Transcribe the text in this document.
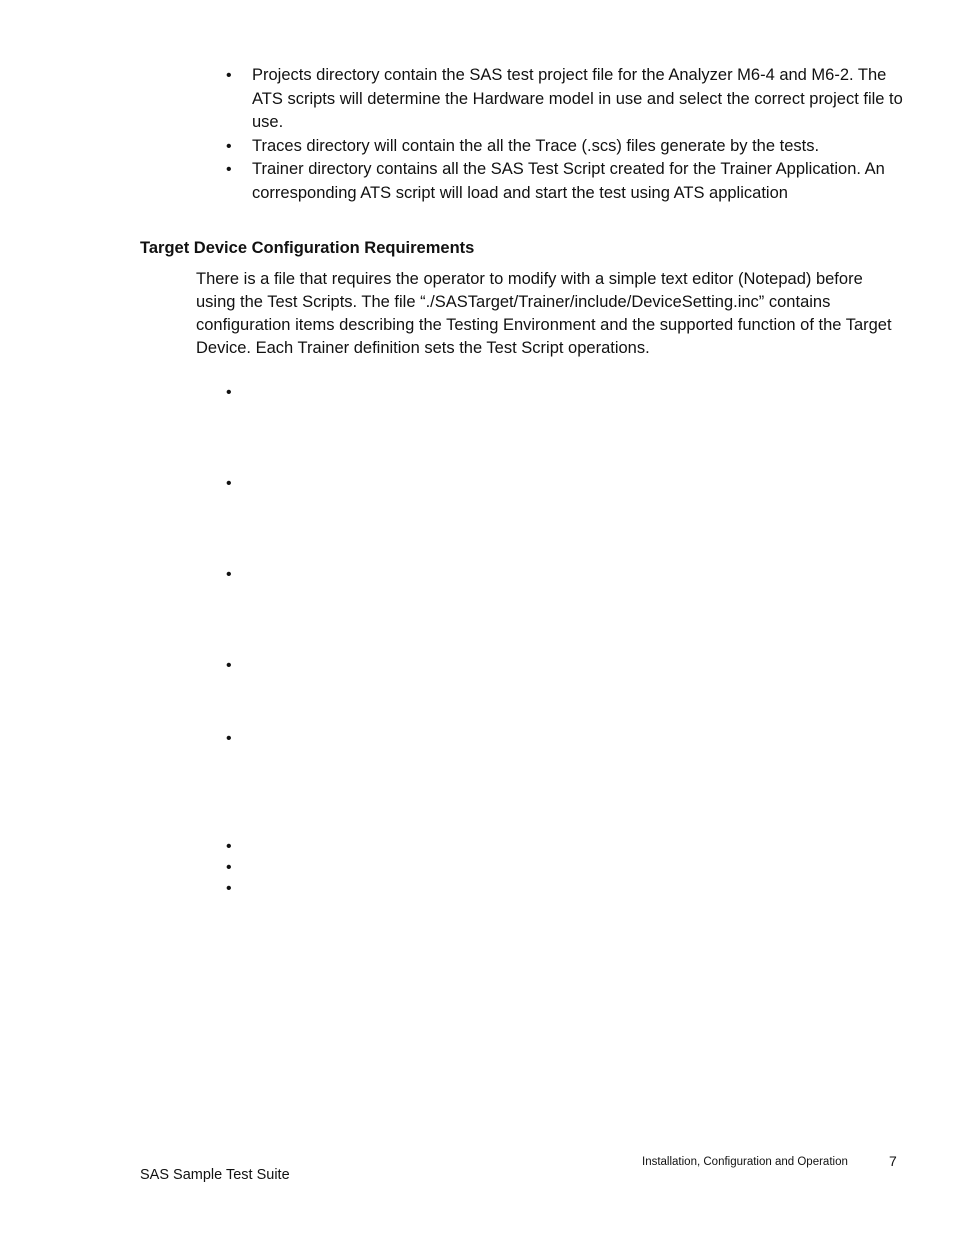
• Projects directory contain the SAS test project file for the Analyzer M6-4 and M6-2. The ATS scripts will determine the Hardware model in use and select the correct project file to use.
• Traces directory will contain the all the Trace (.scs) files generate by the tests.
• Trainer directory contains all the SAS Test Script created for the Trainer Application. An corresponding ATS script will load and start the test using ATS application
Target Device Configuration Requirements

There is a file that requires the operator to modify with a simple text editor (Notepad) before using the Test Scripts. The file “./SASTarget/Trainer/include/DeviceSetting.inc” contains configuration items describing the Testing Environment and the supported function of the Target Device. Each Trainer definition sets the Test Script operations.

•
•
•
•
•
•
•
•
Installation, Configuration and Operation	7
SAS Sample Test Suite
